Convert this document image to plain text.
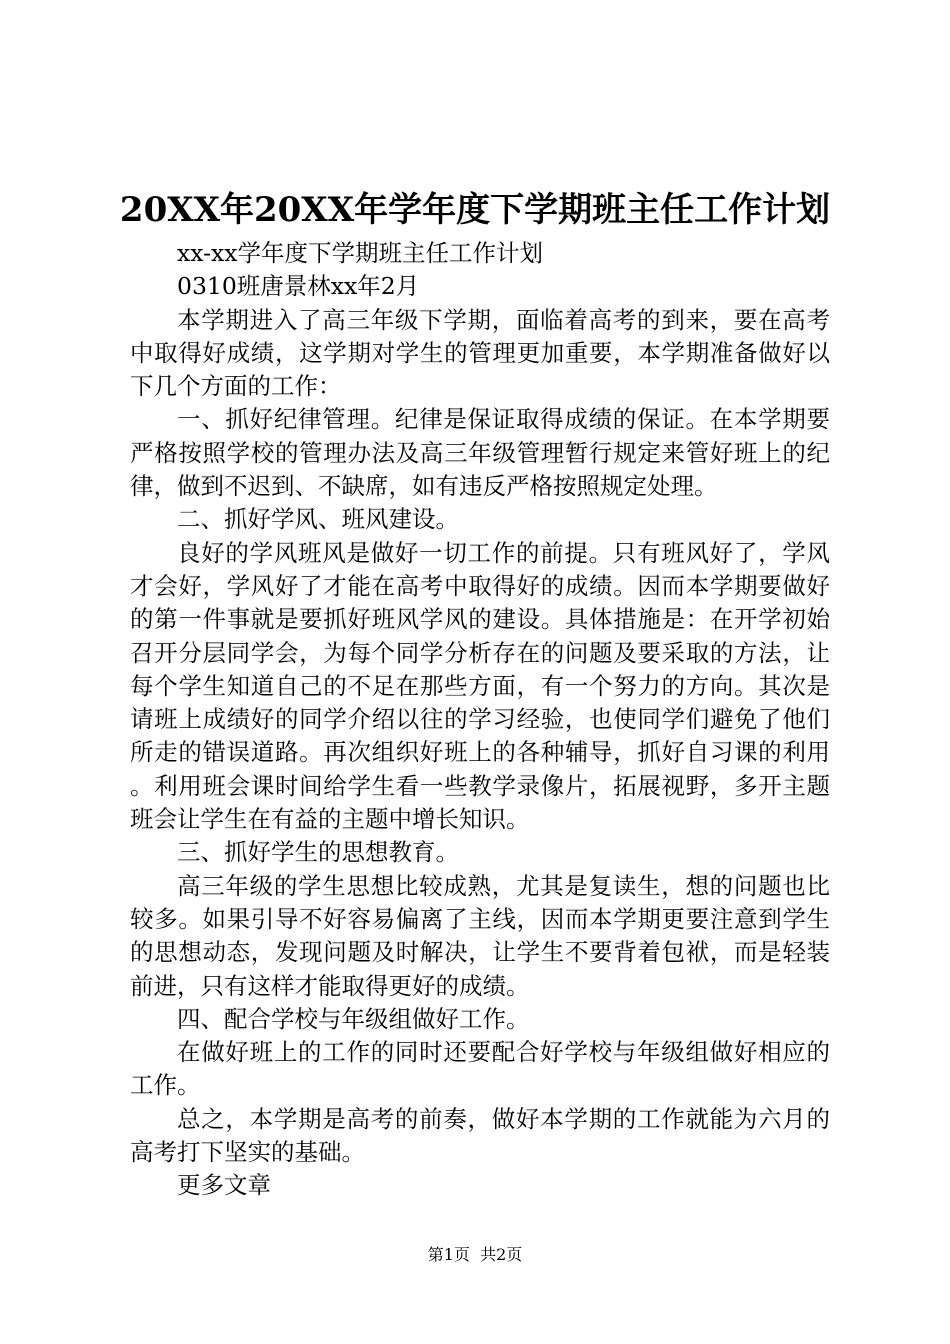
20XX年20XX年学年度下学期班主任工作计划

xx-xx学年度下学期班主任工作计划

0310班唐景林xx年2月

本学期进入了高三年级下学期，面临着高考的到来，要在高考中取得好成绩，这学期对学生的管理更加重要，本学期准备做好以下几个方面的工作：

一、抓好纪律管理。纪律是保证取得成绩的保证。在本学期要严格按照学校的管理办法及高三年级管理暂行规定来管好班上的纪律，做到不迟到、不缺席，如有违反严格按照规定处理。

二、抓好学风、班风建设。

良好的学风班风是做好一切工作的前提。只有班风好了，学风才会好，学风好了才能在高考中取得好的成绩。因而本学期要做好的第一件事就是要抓好班风学风的建设。具体措施是：在开学初始召开分层同学会，为每个同学分析存在的问题及要采取的方法，让每个学生知道自己的不足在那些方面，有一个努力的方向。其次是请班上成绩好的同学介绍以往的学习经验，也使同学们避免了他们所走的错误道路。再次组织好班上的各种辅导，抓好自习课的利用。利用班会课时间给学生看一些教学录像片，拓展视野，多开主题班会让学生在有益的主题中增长知识。

三、抓好学生的思想教育。

高三年级的学生思想比较成熟，尤其是复读生，想的问题也比较多。如果引导不好容易偏离了主线，因而本学期更要注意到学生的思想动态，发现问题及时解决，让学生不要背着包袱，而是轻装前进，只有这样才能取得更好的成绩。

四、配合学校与年级组做好工作。

在做好班上的工作的同时还要配合好学校与年级组做好相应的工作。

总之，本学期是高考的前奏，做好本学期的工作就能为六月的高考打下坚实的基础。

更多文章

第1页  共2页
